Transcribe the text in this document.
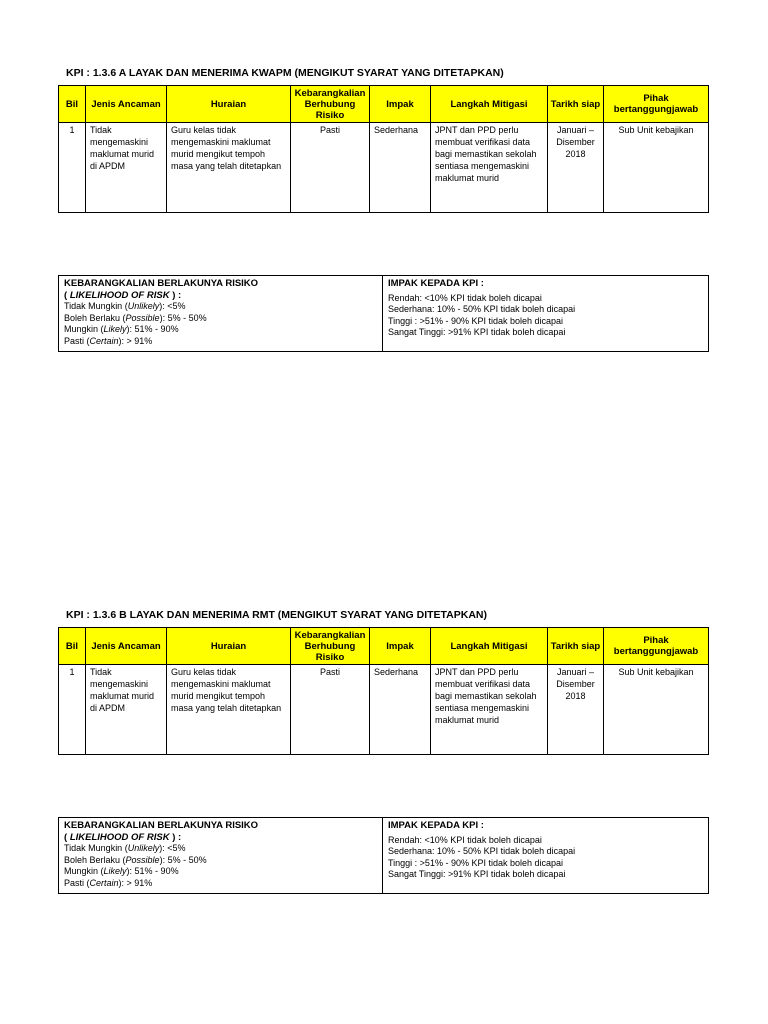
KPI : 1.3.6 A LAYAK DAN MENERIMA KWAPM (MENGIKUT SYARAT YANG DITETAPKAN)
Bil	Jenis Ancaman	Huraian	Kebarangkalian Berhubung Risiko	Impak	Langkah Mitigasi	Tarikh siap	Pihak bertanggungjawab
1	Tidak mengemaskini maklumat murid di APDM	Guru kelas tidak mengemaskini maklumat murid mengikut tempoh masa yang telah ditetapkan	Pasti	Sederhana	JPNT dan PPD perlu membuat verifikasi data bagi memastikan sekolah sentiasa mengemaskini maklumat murid	Januari – Disember 2018	Sub Unit kebajikan
KEBARANGKALIAN BERLAKUNYA RISIKO
( LIKELIHOOD OF RISK ) :
Tidak Mungkin (Unlikely): <5%
Boleh Berlaku (Possible): 5% - 50%
Mungkin (Likely): 51% - 90%
Pasti (Certain): > 91%

IMPAK KEPADA KPI :
Rendah: <10% KPI tidak boleh dicapai
Sederhana: 10% - 50% KPI tidak boleh dicapai
Tinggi : >51% - 90% KPI tidak boleh dicapai
Sangat Tinggi: >91% KPI tidak boleh dicapai
KPI : 1.3.6 B LAYAK DAN MENERIMA RMT (MENGIKUT SYARAT YANG DITETAPKAN)
Bil	Jenis Ancaman	Huraian	Kebarangkalian Berhubung Risiko	Impak	Langkah Mitigasi	Tarikh siap	Pihak bertanggungjawab
1	Tidak mengemaskini maklumat murid di APDM	Guru kelas tidak mengemaskini maklumat murid mengikut tempoh masa yang telah ditetapkan	Pasti	Sederhana	JPNT dan PPD perlu membuat verifikasi data bagi memastikan sekolah sentiasa mengemaskini maklumat murid	Januari – Disember 2018	Sub Unit kebajikan
KEBARANGKALIAN BERLAKUNYA RISIKO
( LIKELIHOOD OF RISK ) :
Tidak Mungkin (Unlikely): <5%
Boleh Berlaku (Possible): 5% - 50%
Mungkin (Likely): 51% - 90%
Pasti (Certain): > 91%

IMPAK KEPADA KPI :
Rendah: <10% KPI tidak boleh dicapai
Sederhana: 10% - 50% KPI tidak boleh dicapai
Tinggi : >51% - 90% KPI tidak boleh dicapai
Sangat Tinggi: >91% KPI tidak boleh dicapai
